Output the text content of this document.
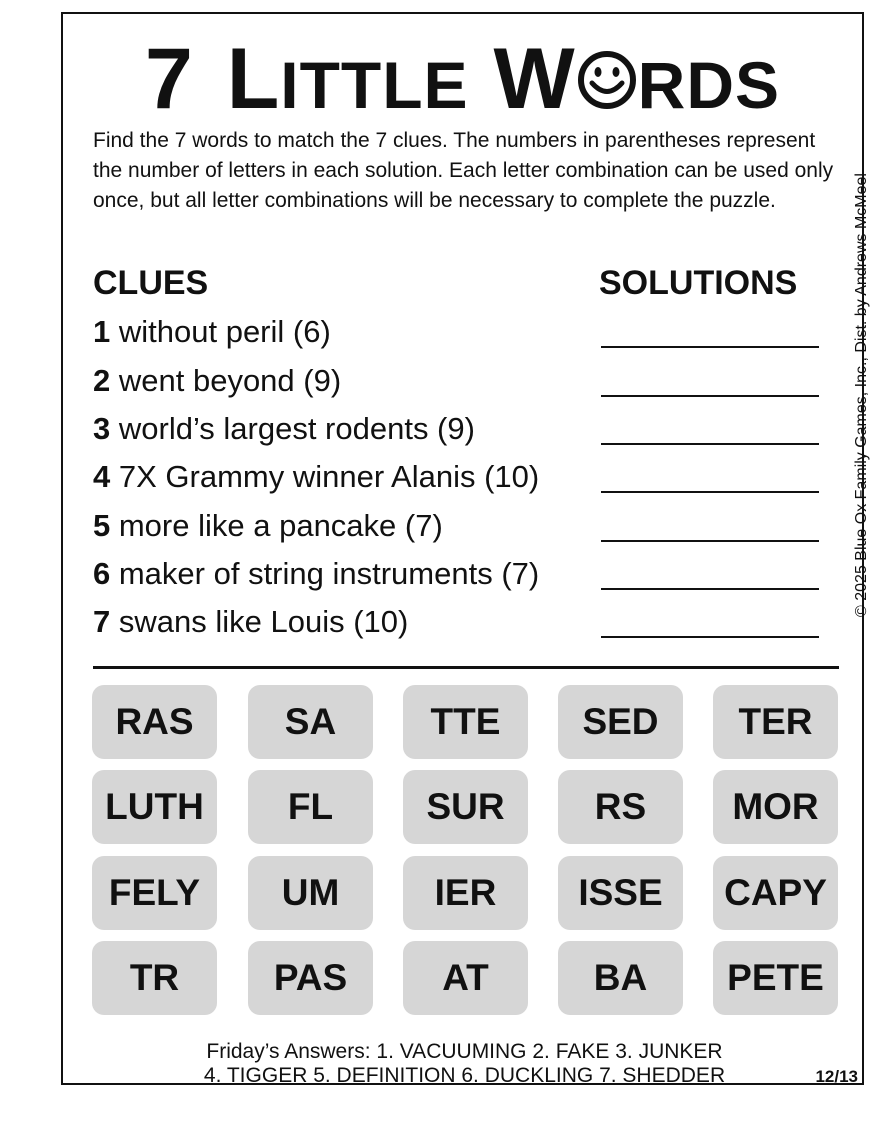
7 LITTLE W RDS

Find the 7 words to match the 7 clues. The numbers in parentheses represent the number of letters in each solution. Each letter combination can be used only once, but all letter combinations will be necessary to complete the puzzle.

CLUES	SOLUTIONS
1 without peril (6)
2 went beyond (9)
3 world’s largest rodents (9)
4 7X Grammy winner Alanis (10)
5 more like a pancake (7)
6 maker of string instruments (7)
7 swans like Louis (10)
© 2025 Blue Ox Family Games, Inc., Dist. by Andrews McMeel
RAS	SA	TTE	SED	TER
LUTH	FL	SUR	RS	MOR
FELY	UM	IER	ISSE	CAPY
TR	PAS	AT	BA	PETE
Friday’s Answers: 1. VACUUMING 2. FAKE 3. JUNKER
4. TIGGER 5. DEFINITION 6. DUCKLING 7. SHEDDER	12/13
